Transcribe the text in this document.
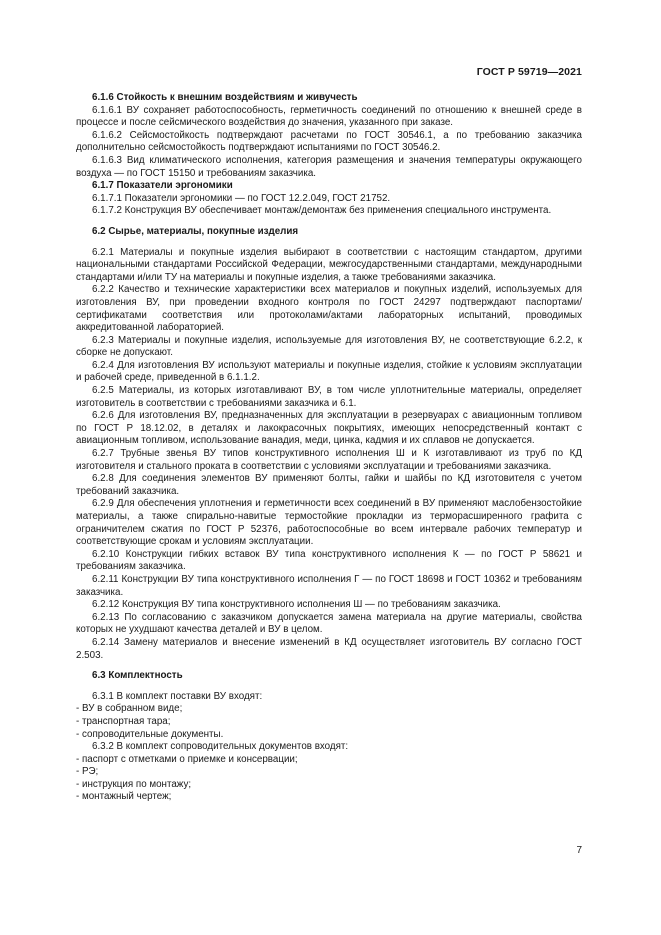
ГОСТ Р 59719—2021

6.1.6 Стойкость к внешним воздействиям и живучесть

6.1.6.1 ВУ сохраняет работоспособность, герметичность соединений по отношению к внешней среде в процессе и после сейсмического воздействия до значения, указанного при заказе.

6.1.6.2 Сейсмостойкость подтверждают расчетами по ГОСТ 30546.1, а по требованию заказчика дополнительно сейсмостойкость подтверждают испытаниями по ГОСТ 30546.2.

6.1.6.3 Вид климатического исполнения, категория размещения и значения температуры окружающего воздуха — по ГОСТ 15150 и требованиям заказчика.

6.1.7 Показатели эргономики

6.1.7.1 Показатели эргономики — по ГОСТ 12.2.049, ГОСТ 21752.

6.1.7.2 Конструкция ВУ обеспечивает монтаж/демонтаж без применения специального инструмента.

6.2 Сырье, материалы, покупные изделия

6.2.1 Материалы и покупные изделия выбирают в соответствии с настоящим стандартом, другими национальными стандартами Российской Федерации, межгосударственными стандартами, международными стандартами и/или ТУ на материалы и покупные изделия, а также требованиями заказчика.

6.2.2 Качество и технические характеристики всех материалов и покупных изделий, используемых для изготовления ВУ, при проведении входного контроля по ГОСТ 24297 подтверждают паспортами/сертификатами соответствия или протоколами/актами лабораторных испытаний, проводимых аккредитованной лабораторией.

6.2.3 Материалы и покупные изделия, используемые для изготовления ВУ, не соответствующие 6.2.2, к сборке не допускают.

6.2.4 Для изготовления ВУ используют материалы и покупные изделия, стойкие к условиям эксплуатации и рабочей среде, приведенной в 6.1.1.2.

6.2.5 Материалы, из которых изготавливают ВУ, в том числе уплотнительные материалы, определяет изготовитель в соответствии с требованиями заказчика и 6.1.

6.2.6 Для изготовления ВУ, предназначенных для эксплуатации в резервуарах с авиационным топливом по ГОСТ Р 18.12.02, в деталях и лакокрасочных покрытиях, имеющих непосредственный контакт с авиационным топливом, использование ванадия, меди, цинка, кадмия и их сплавов не допускается.

6.2.7 Трубные звенья ВУ типов конструктивного исполнения Ш и К изготавливают из труб по КД изготовителя и стального проката в соответствии с условиями эксплуатации и требованиями заказчика.

6.2.8 Для соединения элементов ВУ применяют болты, гайки и шайбы по КД изготовителя с учетом требований заказчика.

6.2.9 Для обеспечения уплотнения и герметичности всех соединений в ВУ применяют маслобензостойкие материалы, а также спирально-навитые термостойкие прокладки из терморасширенного графита с ограничителем сжатия по ГОСТ Р 52376, работоспособные во всем интервале рабочих температур и соответствующие срокам и условиям эксплуатации.

6.2.10 Конструкции гибких вставок ВУ типа конструктивного исполнения К — по ГОСТ Р 58621 и требованиям заказчика.

6.2.11 Конструкции ВУ типа конструктивного исполнения Г — по ГОСТ 18698 и ГОСТ 10362 и требованиям заказчика.

6.2.12 Конструкция ВУ типа конструктивного исполнения Ш — по требованиям заказчика.

6.2.13 По согласованию с заказчиком допускается замена материала на другие материалы, свойства которых не ухудшают качества деталей и ВУ в целом.

6.2.14 Замену материалов и внесение изменений в КД осуществляет изготовитель ВУ согласно ГОСТ 2.503.

6.3 Комплектность

6.3.1 В комплект поставки ВУ входят:

- ВУ в собранном виде;

- транспортная тара;

- сопроводительные документы.

6.3.2 В комплект сопроводительных документов входят:

- паспорт с отметками о приемке и консервации;

- РЭ;

- инструкция по монтажу;

- монтажный чертеж;

7
